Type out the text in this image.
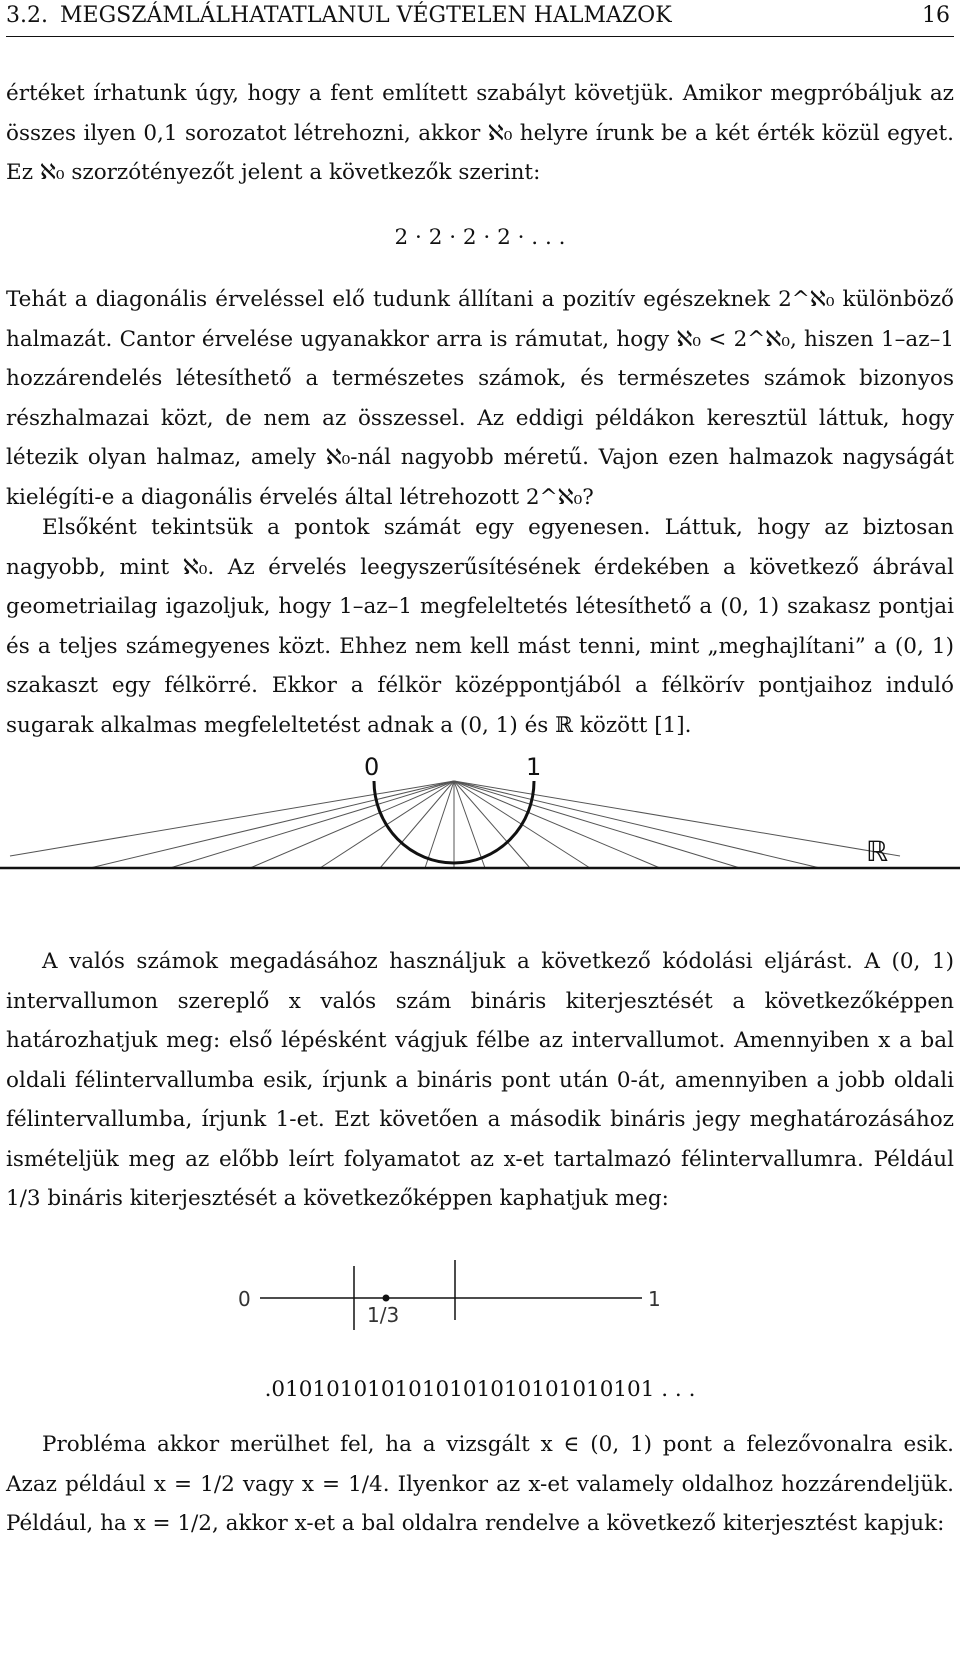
3.2. MEGSZÁMLÁLHATATLANUL VÉGTELEN HALMAZOK	16

értéket írhatunk úgy, hogy a fent említett szabályt követjük. Amikor megpróbáljuk az összes ilyen 0,1 sorozatot létrehozni, akkor ℵ₀ helyre írunk be a két érték közül egyet. Ez ℵ₀ szorzótényezőt jelent a következők szerint:

2 · 2 · 2 · 2 · . . .

Tehát a diagonális érveléssel elő tudunk állítani a pozitív egészeknek 2^ℵ₀ különböző halmazát. Cantor érvelése ugyanakkor arra is rámutat, hogy ℵ₀ < 2^ℵ₀, hiszen 1–az–1 hozzárendelés létesíthető a természetes számok, és természetes számok bizonyos részhalmazai közt, de nem az összessel. Az eddigi példákon keresztül láttuk, hogy létezik olyan halmaz, amely ℵ₀-nál nagyobb méretű. Vajon ezen halmazok nagyságát kielégíti-e a diagonális érvelés által létrehozott 2^ℵ₀?

Elsőként tekintsük a pontok számát egy egyenesen. Láttuk, hogy az biztosan nagyobb, mint ℵ₀. Az érvelés leegyszerűsítésének érdekében a következő ábrával geometriailag igazoljuk, hogy 1–az–1 megfeleltetés létesíthető a (0, 1) szakasz pontjai és a teljes számegyenes közt. Ehhez nem kell mást tenni, mint „meghajlítani” a (0, 1) szakaszt egy félkörré. Ekkor a félkör középpontjából a félkörív pontjaihoz induló sugarak alkalmas megfeleltetést adnak a (0, 1) és ℝ között [1].

0	1
ℝ

A valós számok megadásához használjuk a következő kódolási eljárást. A (0, 1) intervallumon szereplő x valós szám bináris kiterjesztését a következőképpen határozhatjuk meg: első lépésként vágjuk félbe az intervallumot. Amennyiben x a bal oldali félintervallumba esik, írjunk a bináris pont után 0-át, amennyiben a jobb oldali félintervallumba, írjunk 1-et. Ezt követően a második bináris jegy meghatározásához ismételjük meg az előbb leírt folyamatot az x-et tartalmazó félintervallumra. Például 1/3 bináris kiterjesztését a következőképpen kaphatjuk meg:

0	1
1/3
.0101010101010101010101010101 . . .

Probléma akkor merülhet fel, ha a vizsgált x ∈ (0, 1) pont a felezővonalra esik. Azaz például x = 1/2 vagy x = 1/4. Ilyenkor az x-et valamely oldalhoz hozzárendeljük. Például, ha x = 1/2, akkor x-et a bal oldalra rendelve a következő kiterjesztést kapjuk:
